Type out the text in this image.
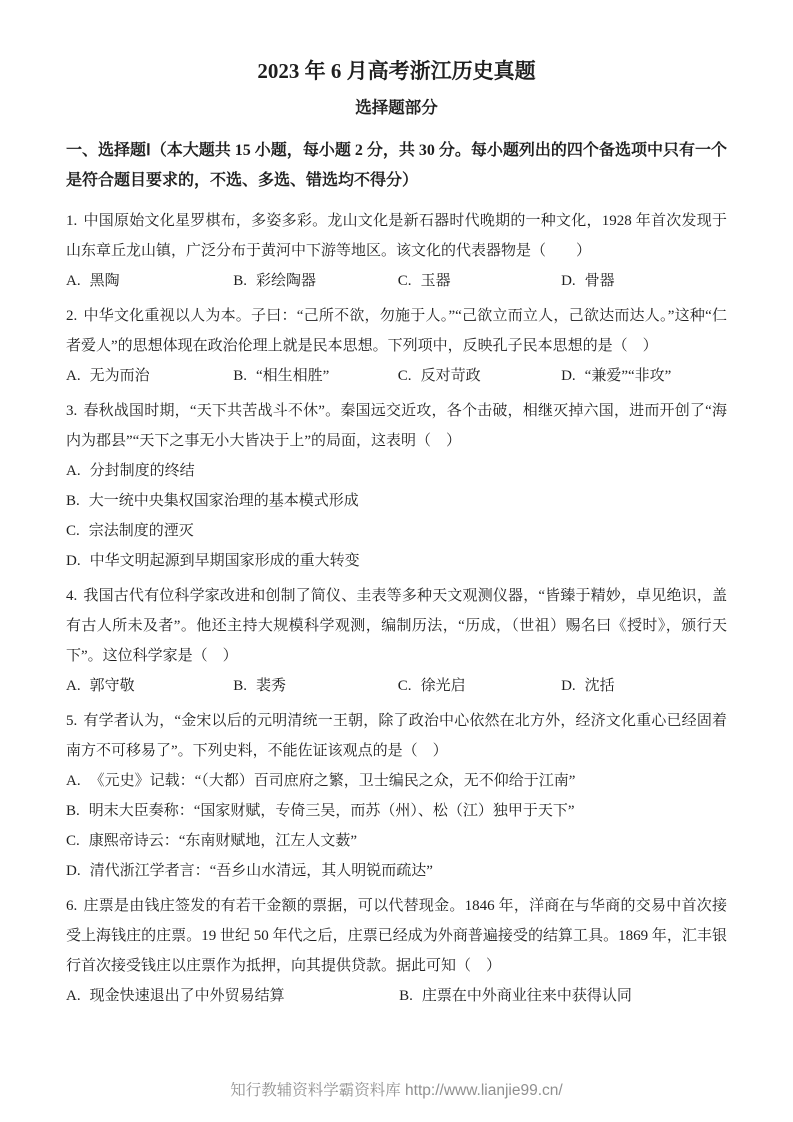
2023 年 6 月高考浙江历史真题
选择题部分
一、选择题Ⅰ（本大题共 15 小题，每小题 2 分，共 30 分。每小题列出的四个备选项中只有一个是符合题目要求的，不选、多选、错选均不得分）
1. 中国原始文化星罗棋布，多姿多彩。龙山文化是新石器时代晚期的一种文化，1928 年首次发现于山东章丘龙山镇，广泛分布于黄河中下游等地区。该文化的代表器物是（　　）
A. 黑陶	B. 彩绘陶器	C. 玉器	D. 骨器
2. 中华文化重视以人为本。子曰：“己所不欲，勿施于人。”“己欲立而立人，己欲达而达人。”这种“仁者爱人”的思想体现在政治伦理上就是民本思想。下列项中，反映孔子民本思想的是（　）
A. 无为而治	B. “相生相胜”	C. 反对苛政	D. “兼爱”“非攻”
3. 春秋战国时期，“天下共苦战斗不休”。秦国远交近攻，各个击破，相继灭掉六国，进而开创了“海内为郡县”“天下之事无小大皆决于上”的局面，这表明（　）
A. 分封制度的终结
B. 大一统中央集权国家治理的基本模式形成
C. 宗法制度的湮灭
D. 中华文明起源到早期国家形成的重大转变
4. 我国古代有位科学家改进和创制了简仪、圭表等多种天文观测仪器，“皆臻于精妙，卓见绝识，盖有古人所未及者”。他还主持大规模科学观测，编制历法，“历成，（世祖）赐名曰《授时》，颁行天下”。这位科学家是（　）
A. 郭守敬	B. 裴秀	C. 徐光启	D. 沈括
5. 有学者认为，“金宋以后的元明清统一王朝，除了政治中心依然在北方外，经济文化重心已经固着南方不可移易了”。下列史料，不能佐证该观点的是（　）
A. 《元史》记载：“（大都）百司庶府之繁，卫士编民之众，无不仰给于江南”
B. 明末大臣奏称：“国家财赋，专倚三吴，而苏（州）、松（江）独甲于天下”
C. 康熙帝诗云：“东南财赋地，江左人文薮”
D. 清代浙江学者言：“吾乡山水清远，其人明锐而疏达”
6. 庄票是由钱庄签发的有若干金额的票据，可以代替现金。1846 年，洋商在与华商的交易中首次接受上海钱庄的庄票。19 世纪 50 年代之后，庄票已经成为外商普遍接受的结算工具。1869 年，汇丰银行首次接受钱庄以庄票作为抵押，向其提供贷款。据此可知（　）
A. 现金快速退出了中外贸易结算	B. 庄票在中外商业往来中获得认同
知行教辅资料学霸资料库 http://www.lianjie99.cn/
